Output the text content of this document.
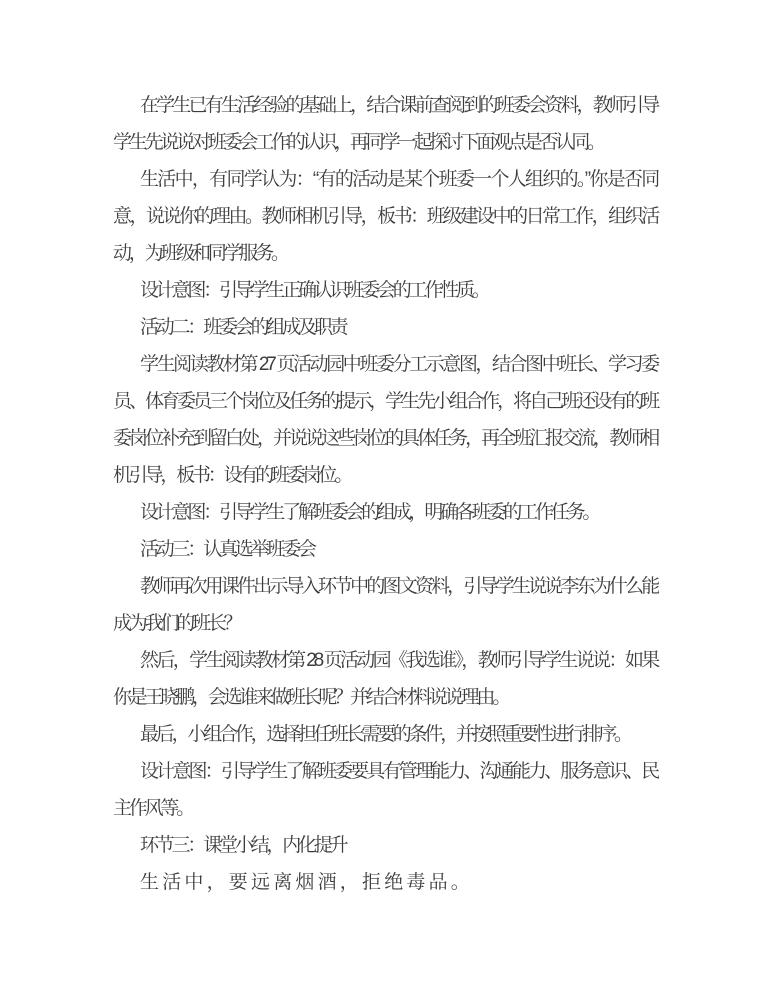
在学生已有生活经验的基础上，结合课前查阅到的班委会资料，教师引导
学生先说说对班委会工作的认识，再同学一起探讨下面观点是否认同。
生活中，有同学认为：“有的活动是某个班委一个人组织的。”你是否同
意，说说你的理由。教师相机引导，板书：班级建设中的日常工作，组织活
动，为班级和同学服务。
设计意图：引导学生正确认识班委会的工作性质。
活动二：班委会的组成及职责
学生阅读教材第 27 页活动园中班委分工示意图，结合图中班长、学习委
员、体育委员三个岗位及任务的提示，学生先小组合作，将自己班还设有的班
委岗位补充到留白处，并说说这些岗位的具体任务，再全班汇报交流，教师相
机引导，板书：设有的班委岗位。
设计意图：引导学生了解班委会的组成，明确各班委的工作任务。
活动三：认真选举班委会
教师再次用课件出示导入环节中的图文资料，引导学生说说李东为什么能
成为我们的班长？
然后，学生阅读教材第 28 页活动园《我选谁》，教师引导学生说说：如果
你是王晓鹏，会选谁来做班长呢？并结合材料说说理由。
最后，小组合作，选择担任班长需要的条件，并按照重要性进行排序。
设计意图：引导学生了解班委要具有管理能力、沟通能力、服务意识、民
主作风等。
环节三：课堂小结，内化提升
生活中，要远离烟酒，拒绝毒品。
